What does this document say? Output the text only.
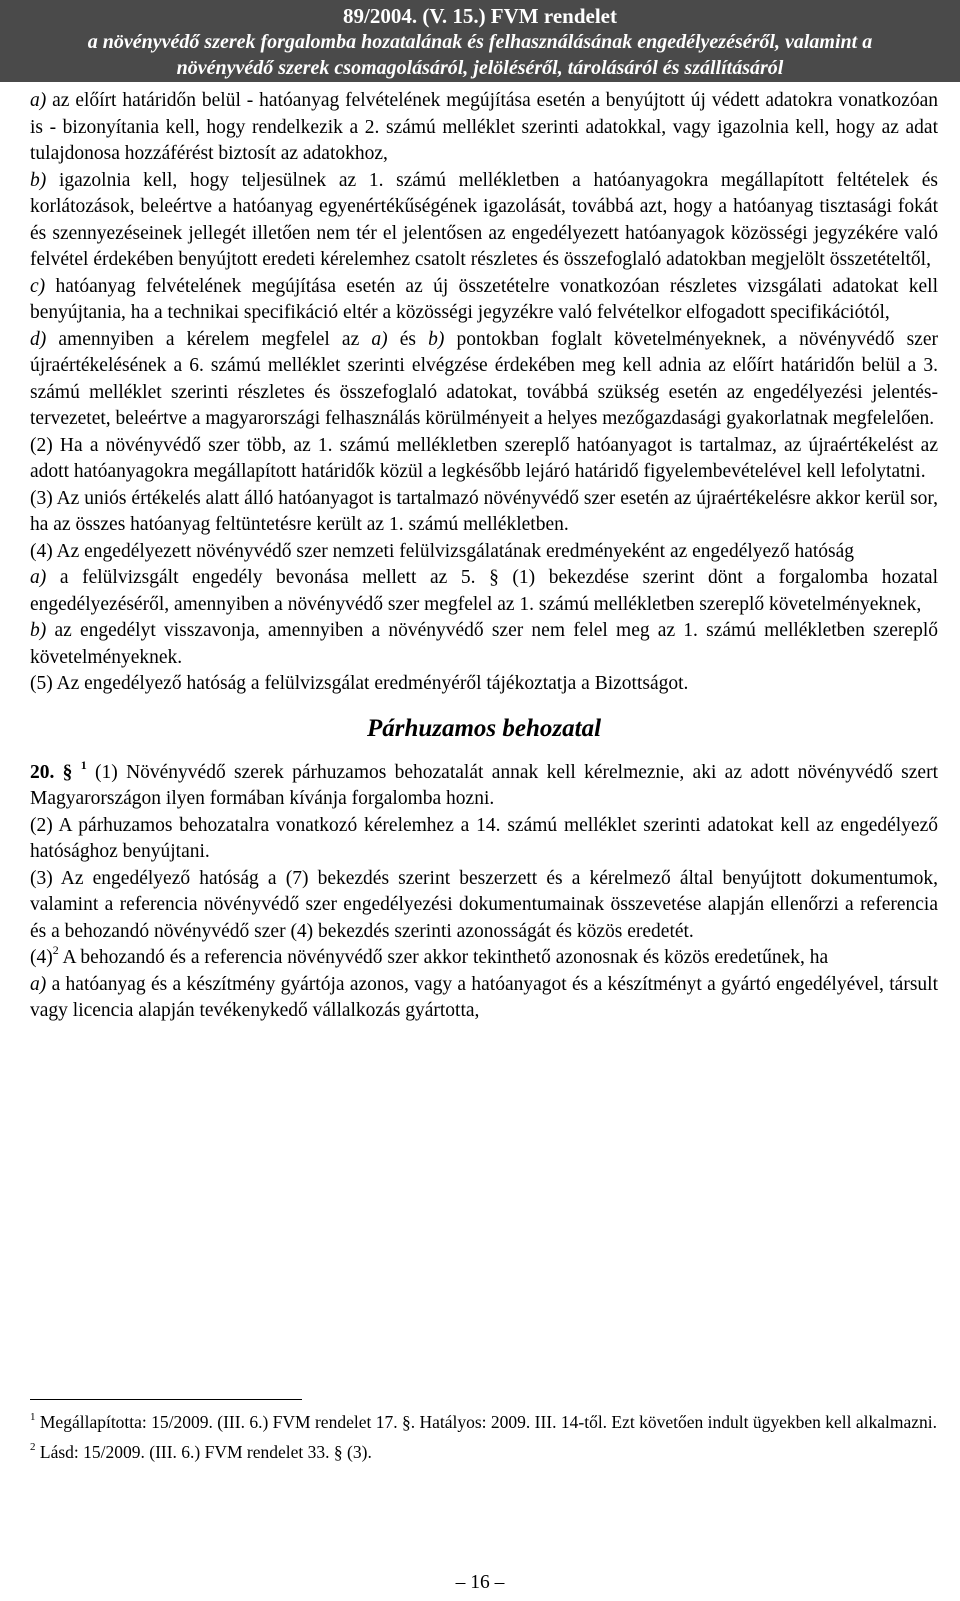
89/2004. (V. 15.) FVM rendelet
a növényvédő szerek forgalomba hozatalának és felhasználásának engedélyezéséről, valamint a
növényvédő szerek csomagolásáról, jelöléséről, tárolásáról és szállításáról

a) az előírt határidőn belül - hatóanyag felvételének megújítása esetén a benyújtott új védett adatokra vonatkozóan is - bizonyítania kell, hogy rendelkezik a 2. számú melléklet szerinti adatokkal, vagy igazolnia kell, hogy az adat tulajdonosa hozzáférést biztosít az adatokhoz,

b) igazolnia kell, hogy teljesülnek az 1. számú mellékletben a hatóanyagokra megállapított feltételek és korlátozások, beleértve a hatóanyag egyenértékűségének igazolását, továbbá azt, hogy a hatóanyag tisztasági fokát és szennyezéseinek jellegét illetően nem tér el jelentősen az engedélyezett hatóanyagok közösségi jegyzékére való felvétel érdekében benyújtott eredeti kérelemhez csatolt részletes és összefoglaló adatokban megjelölt összetételtől,

c) hatóanyag felvételének megújítása esetén az új összetételre vonatkozóan részletes vizsgálati adatokat kell benyújtania, ha a technikai specifikáció eltér a közösségi jegyzékre való felvételkor elfogadott specifikációtól,

d) amennyiben a kérelem megfelel az a) és b) pontokban foglalt követelményeknek, a növényvédő szer újraértékelésének a 6. számú melléklet szerinti elvégzése érdekében meg kell adnia az előírt határidőn belül a 3. számú melléklet szerinti részletes és összefoglaló adatokat, továbbá szükség esetén az engedélyezési jelentés-tervezetet, beleértve a magyarországi felhasználás körülményeit a helyes mezőgazdasági gyakorlatnak megfelelően.

(2) Ha a növényvédő szer több, az 1. számú mellékletben szereplő hatóanyagot is tartalmaz, az újraértékelést az adott hatóanyagokra megállapított határidők közül a legkésőbb lejáró határidő figyelembevételével kell lefolytatni.

(3) Az uniós értékelés alatt álló hatóanyagot is tartalmazó növényvédő szer esetén az újraértékelésre akkor kerül sor, ha az összes hatóanyag feltüntetésre került az 1. számú mellékletben.

(4) Az engedélyezett növényvédő szer nemzeti felülvizsgálatának eredményeként az engedélyező hatóság

a) a felülvizsgált engedély bevonása mellett az 5. § (1) bekezdése szerint dönt a forgalomba hozatal engedélyezéséről, amennyiben a növényvédő szer megfelel az 1. számú mellékletben szereplő követelményeknek,

b) az engedélyt visszavonja, amennyiben a növényvédő szer nem felel meg az 1. számú mellékletben szereplő követelményeknek.

(5) Az engedélyező hatóság a felülvizsgálat eredményéről tájékoztatja a Bizottságot.

Párhuzamos behozatal

20. § $^1$ (1) Növényvédő szerek párhuzamos behozatalát annak kell kérelmeznie, aki az adott növényvédő szert Magyarországon ilyen formában kívánja forgalomba hozni.

(2) A párhuzamos behozatalra vonatkozó kérelemhez a 14. számú melléklet szerinti adatokat kell az engedélyező hatósághoz benyújtani.

(3) Az engedélyező hatóság a (7) bekezdés szerint beszerzett és a kérelmező által benyújtott dokumentumok, valamint a referencia növényvédő szer engedélyezési dokumentumainak összevetése alapján ellenőrzi a referencia és a behozandó növényvédő szer (4) bekezdés szerinti azonosságát és közös eredetét.

$(4)^2$ A behozandó és a referencia növényvédő szer akkor tekinthető azonosnak és közös eredetűnek, ha

a) a hatóanyag és a készítmény gyártója azonos, vagy a hatóanyagot és a készítményt a gyártó engedélyével, társult vagy licencia alapján tevékenykedő vállalkozás gyártotta,

$^1$ Megállapította: 15/2009. (III. 6.) FVM rendelet 17. §. Hatályos: 2009. III. 14-től. Ezt követően indult ügyekben kell alkalmazni.

$^2$ Lásd: 15/2009. (III. 6.) FVM rendelet 33. § (3).

– 16 –
